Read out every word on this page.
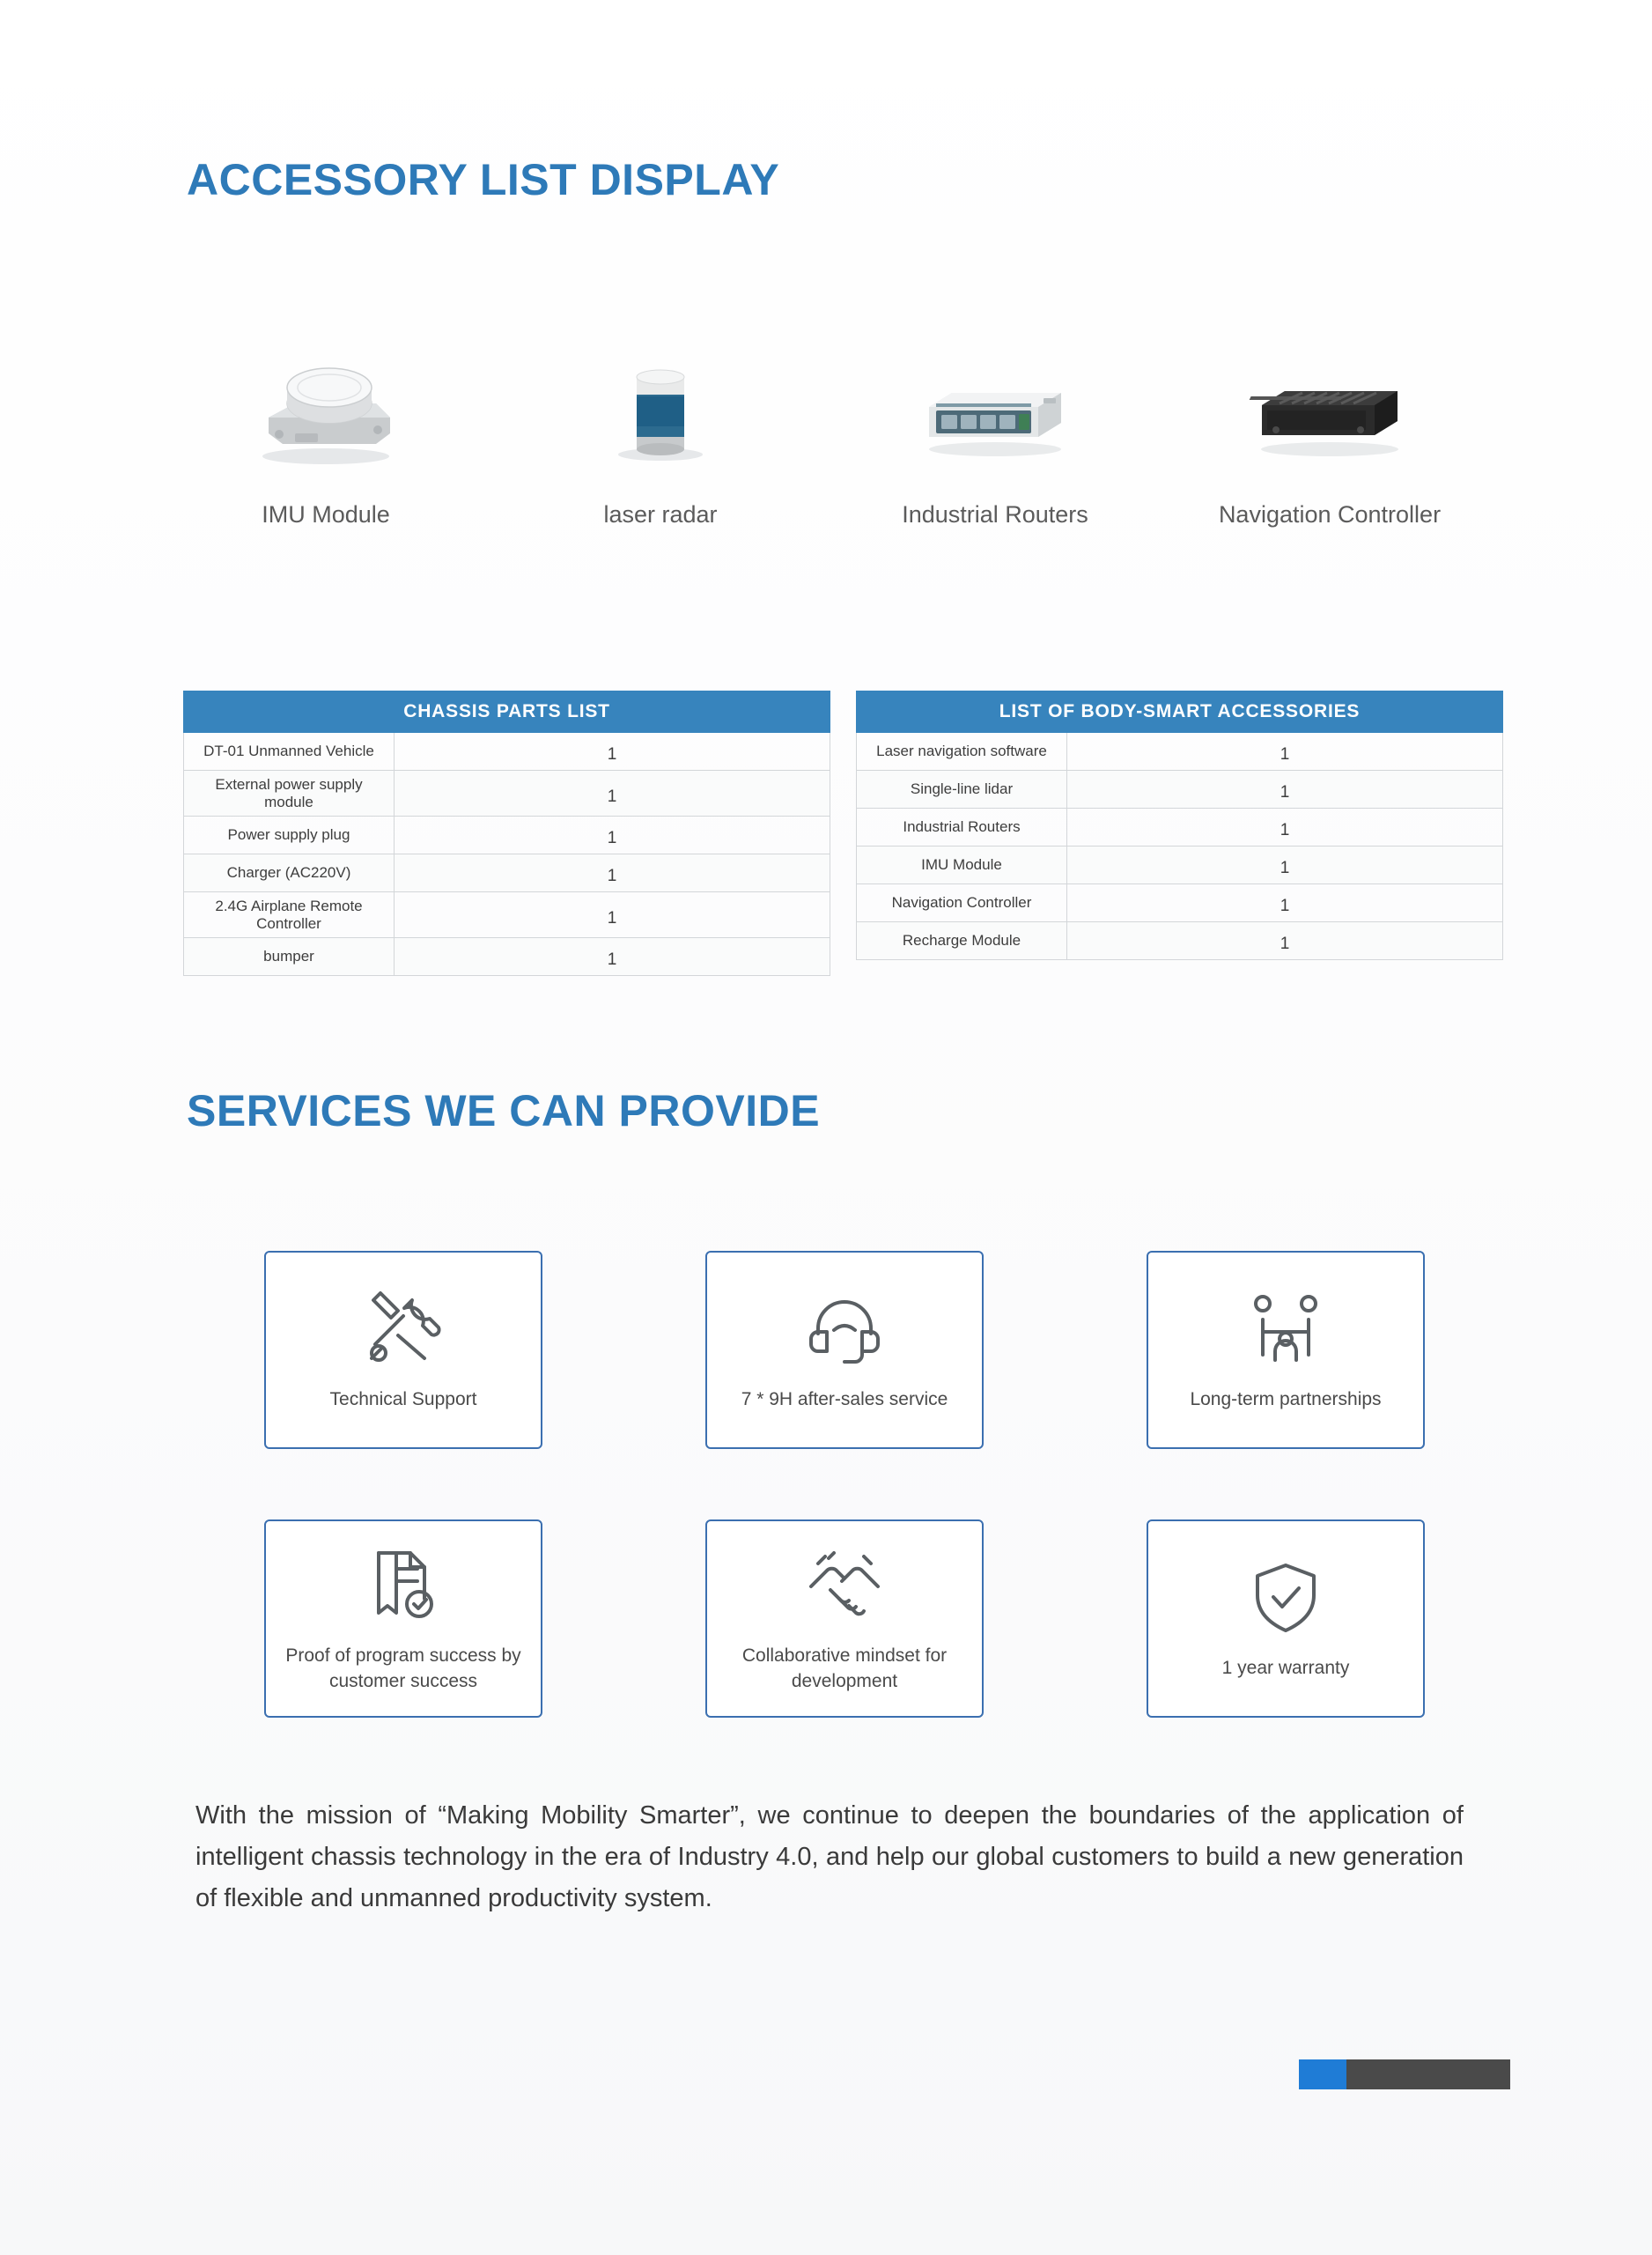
ACCESSORY LIST DISPLAY
IMU Module	laser radar	Industrial Routers	Navigation Controller
CHASSIS PARTS LIST	
DT-01 Unmanned Vehicle	1
External power supply module	1
Power supply plug	1
Charger (AC220V)	1
2.4G Airplane Remote Controller	1
bumper	1
LIST OF BODY-SMART ACCESSORIES	
Laser navigation software	1
Single-line lidar	1
Industrial Routers	1
IMU Module	1
Navigation Controller	1
Recharge Module	1
SERVICES WE CAN PROVIDE
Technical Support	7 * 9H after-sales service	Long-term partnerships
Proof of program success by customer success
Collaborative mindset for development
1 year warranty
With the mission of “Making Mobility Smarter”, we continue to deepen the boundaries of the application of intelligent chassis technology in the era of Industry 4.0, and help our global customers to build a new generation of flexible and unmanned productivity system.
